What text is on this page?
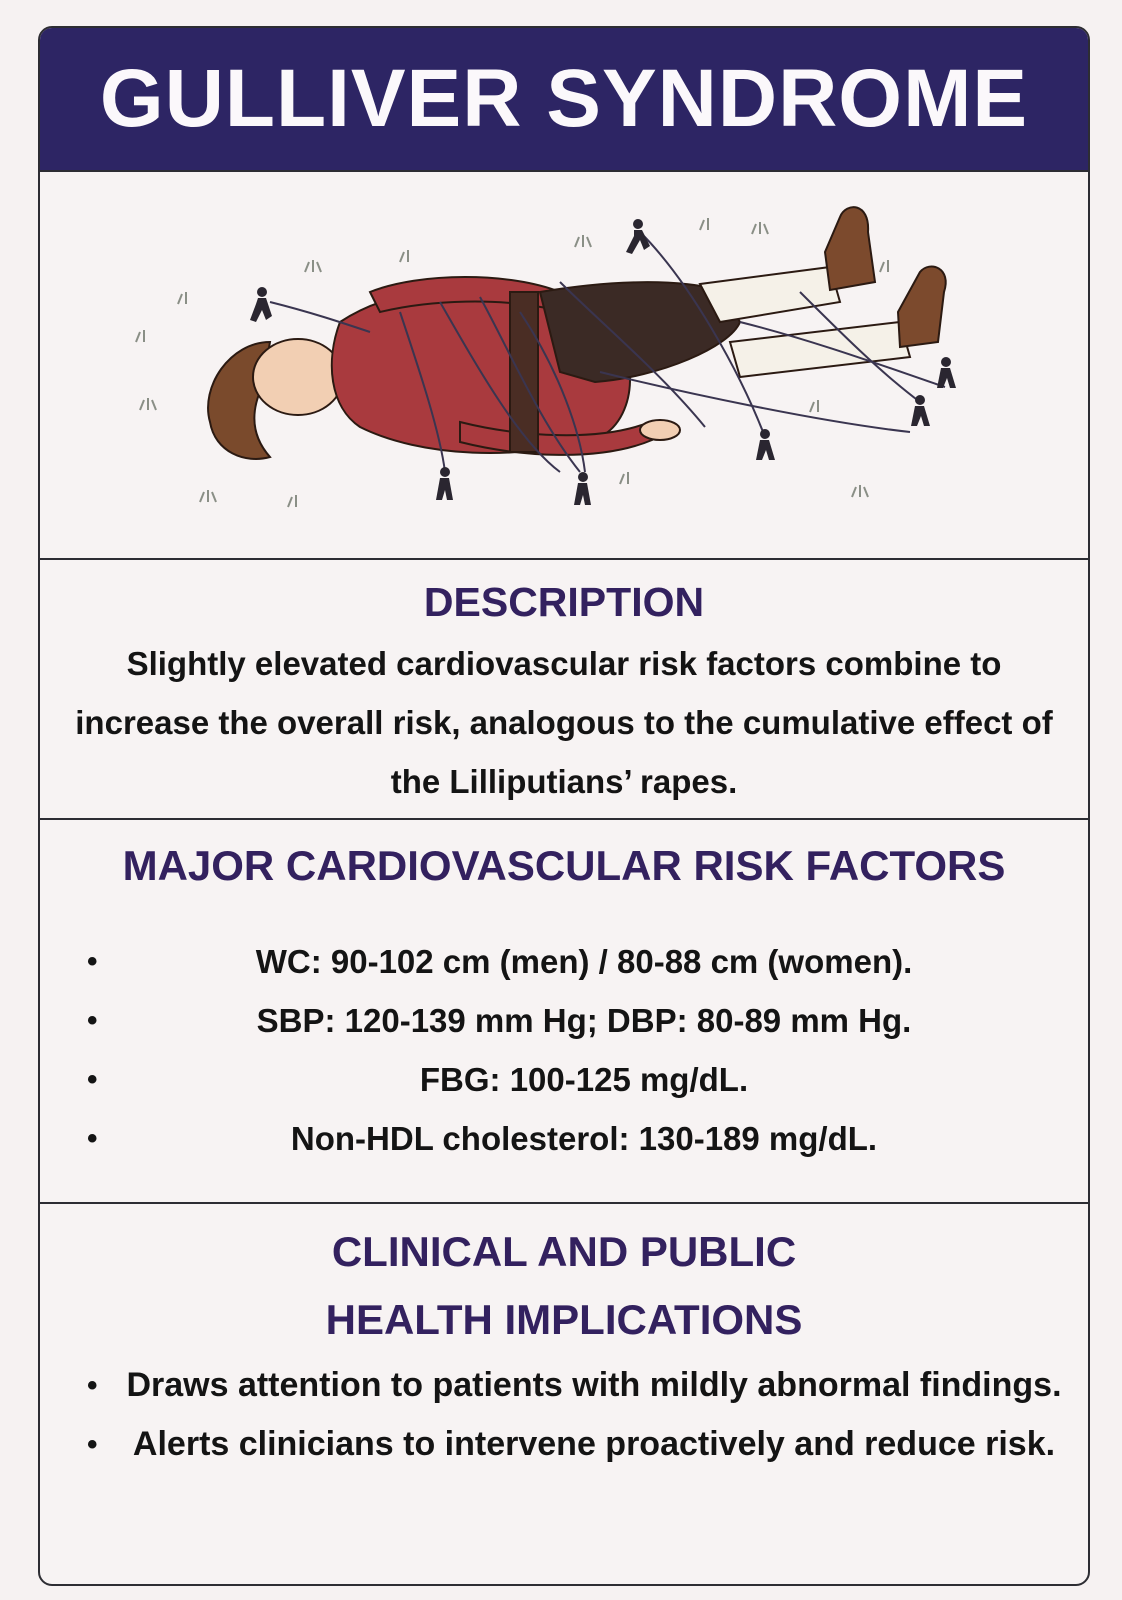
GULLIVER SYNDROME
DESCRIPTION

Slightly elevated cardiovascular risk factors combine to increase the overall risk, analogous to the cumulative effect of the Lilliputians’ rapes.

MAJOR CARDIOVASCULAR RISK FACTORS
•	WC: 90-102 cm (men) / 80-88 cm (women).
•	SBP: 120-139 mm Hg; DBP: 80-89 mm Hg.
•	FBG: 100-125 mg/dL.
•	Non-HDL cholesterol: 130-189 mg/dL.
CLINICAL AND PUBLIC
HEALTH IMPLICATIONS
• Draws attention to patients with mildly abnormal findings.
• Alerts clinicians to intervene proactively and reduce risk.
